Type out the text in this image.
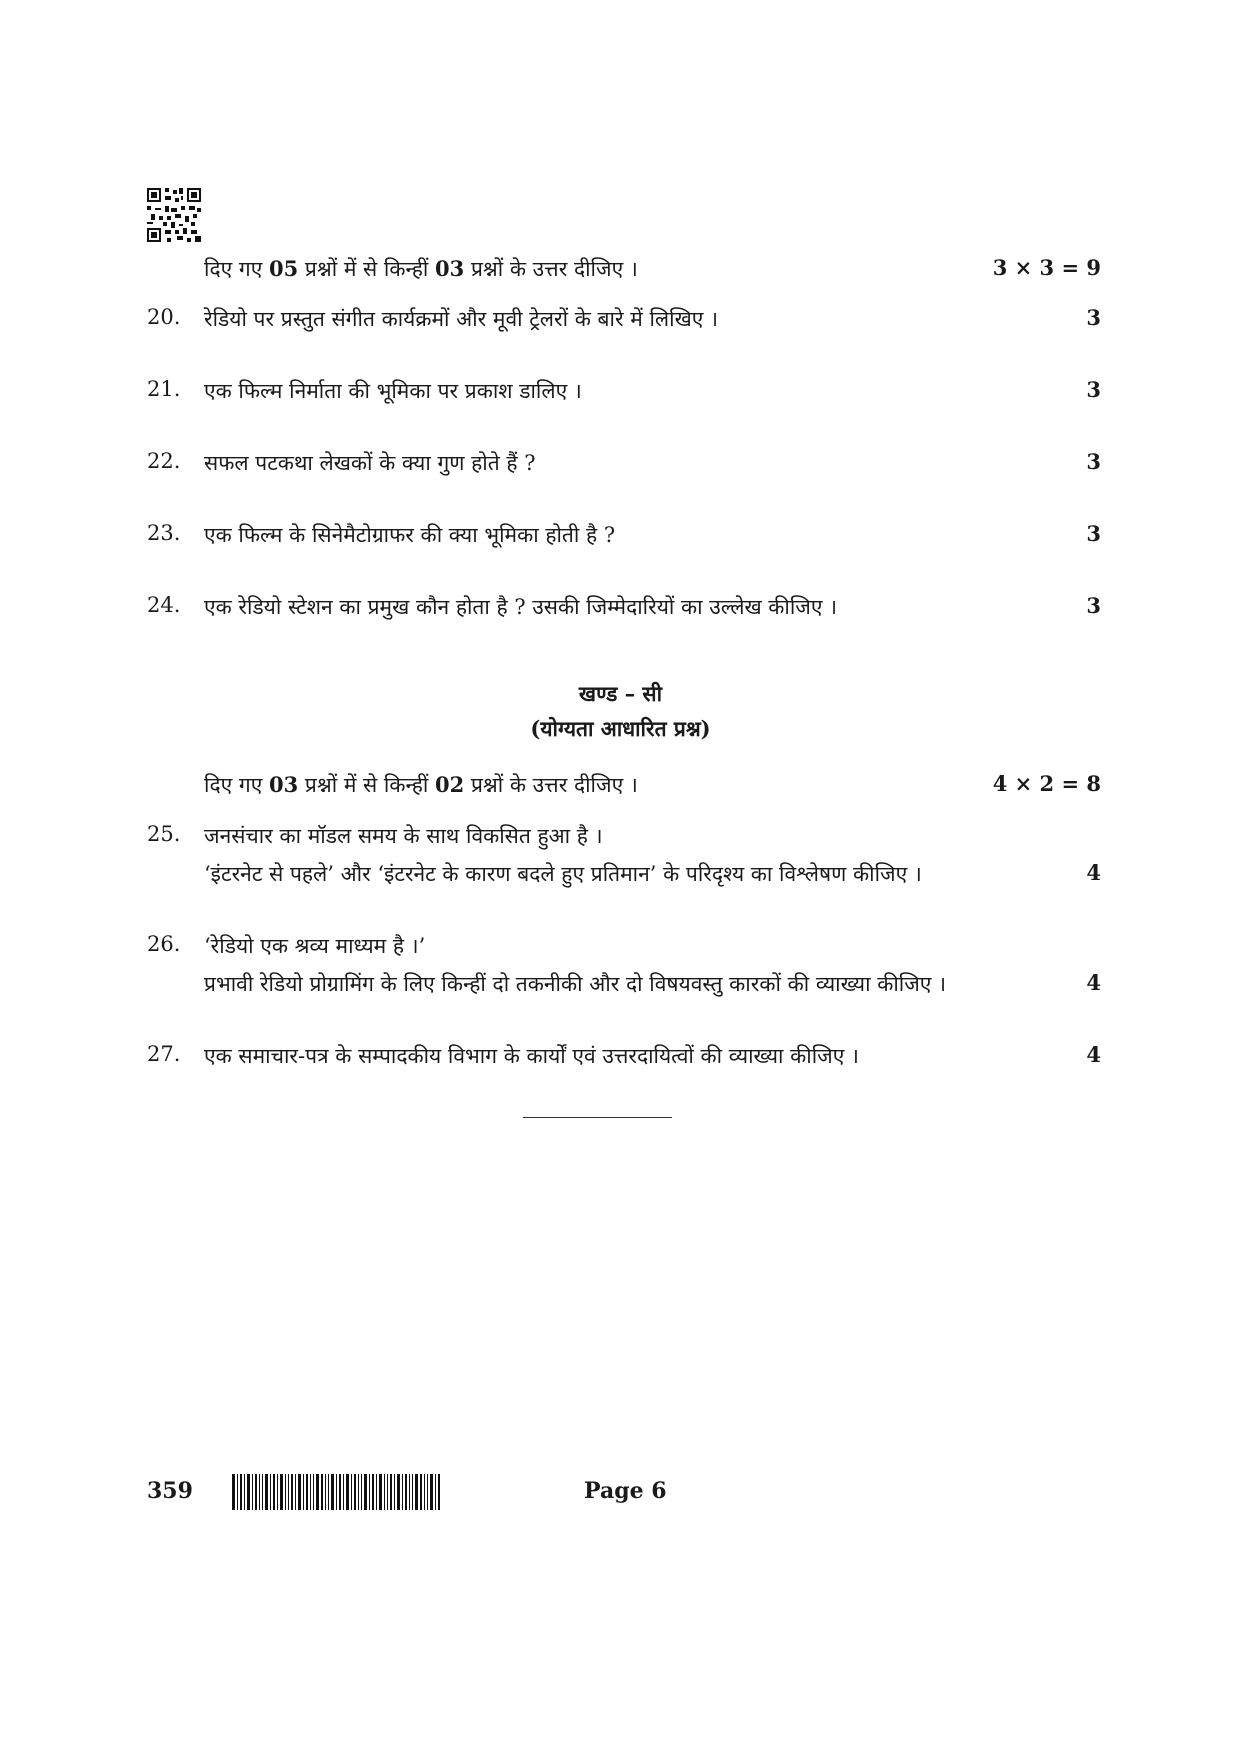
दिए गए 05 प्रश्नों में से किन्हीं 03 प्रश्नों के उत्तर दीजिए ।	3 × 3 = 9
20.	रेडियो पर प्रस्तुत संगीत कार्यक्रमों और मूवी ट्रेलरों के बारे में लिखिए ।	3
21.	एक फिल्म निर्माता की भूमिका पर प्रकाश डालिए ।	3
22.	सफल पटकथा लेखकों के क्या गुण होते हैं ?	3
23.	एक फिल्म के सिनेमैटोग्राफर की क्या भूमिका होती है ?	3
24.	एक रेडियो स्टेशन का प्रमुख कौन होता है ? उसकी जिम्मेदारियों का उल्लेख कीजिए ।	3
खण्ड – सी
(योग्यता आधारित प्रश्न)
दिए गए 03 प्रश्नों में से किन्हीं 02 प्रश्नों के उत्तर दीजिए ।	4 × 2 = 8
25.	जनसंचार का मॉडल समय के साथ विकसित हुआ है ।
‘इंटरनेट से पहले’ और ‘इंटरनेट के कारण बदले हुए प्रतिमान’ के परिदृश्य का विश्लेषण कीजिए ।	4
26.	‘रेडियो एक श्रव्य माध्यम है ।’
प्रभावी रेडियो प्रोग्रामिंग के लिए किन्हीं दो तकनीकी और दो विषयवस्तु कारकों की व्याख्या कीजिए ।	4
27.	एक समाचार-पत्र के सम्पादकीय विभाग के कार्यों एवं उत्तरदायित्वों की व्याख्या कीजिए ।	4
359	Page 6
